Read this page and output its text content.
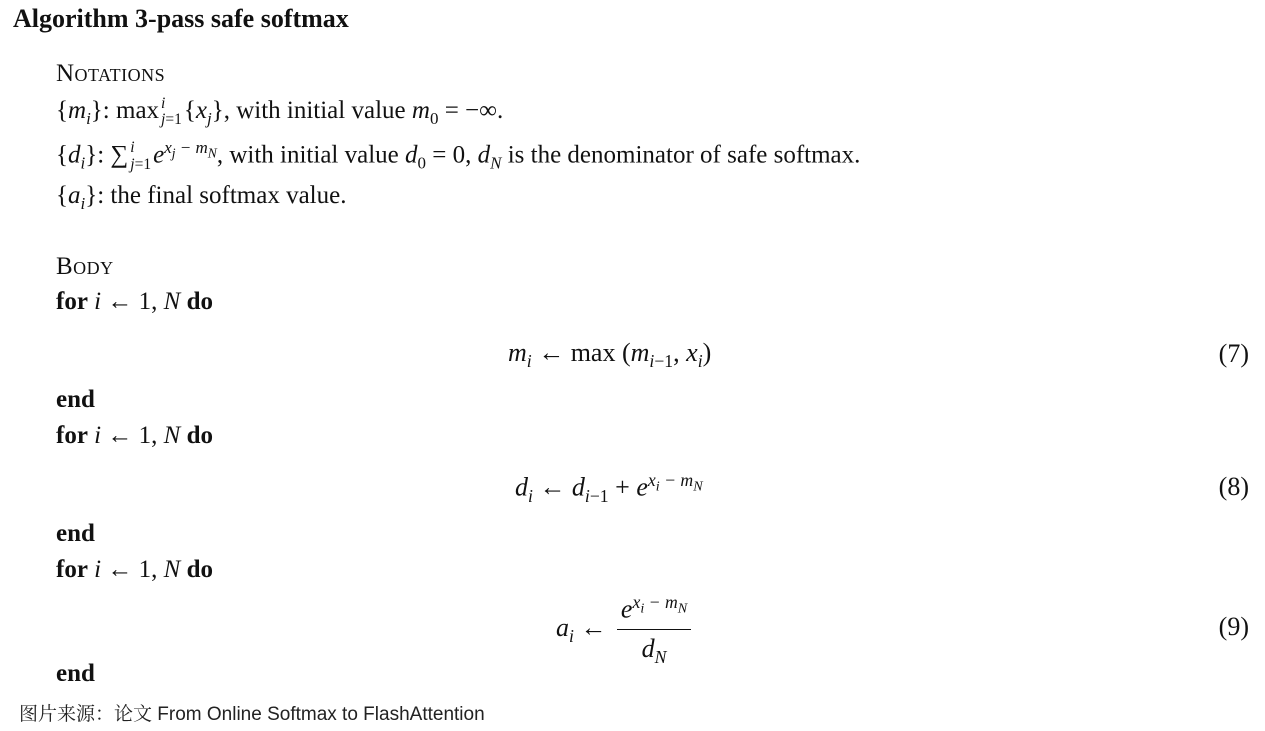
Algorithm 3-pass safe softmax
Notations
$\{m_i\}$: max i
j=1 $\{x_j\}$, with initial value $m_0$ = −∞.
$\{d_i\}$: ∑ i
j=1 $e^{x_j - m_N}$, with initial value $d_0 = 0$, $d_N$ is the denominator of safe softmax.
$\{a_i\}$: the final softmax value.
Body
for i ← 1, N do
$m_i$ ← $\max (m_{i-1}$, $x_i$)	(7)
end
for i ← 1, N do
$d_i$ ← $d_{i-1} + e^{x_i - m_N}$	(8)
end
for i ← 1, N do
$a_i$ ← $\frac{e^{x_i - m_N}}{d_N}$	(9)
end
图片来源：论文 From Online Softmax to FlashAttention
